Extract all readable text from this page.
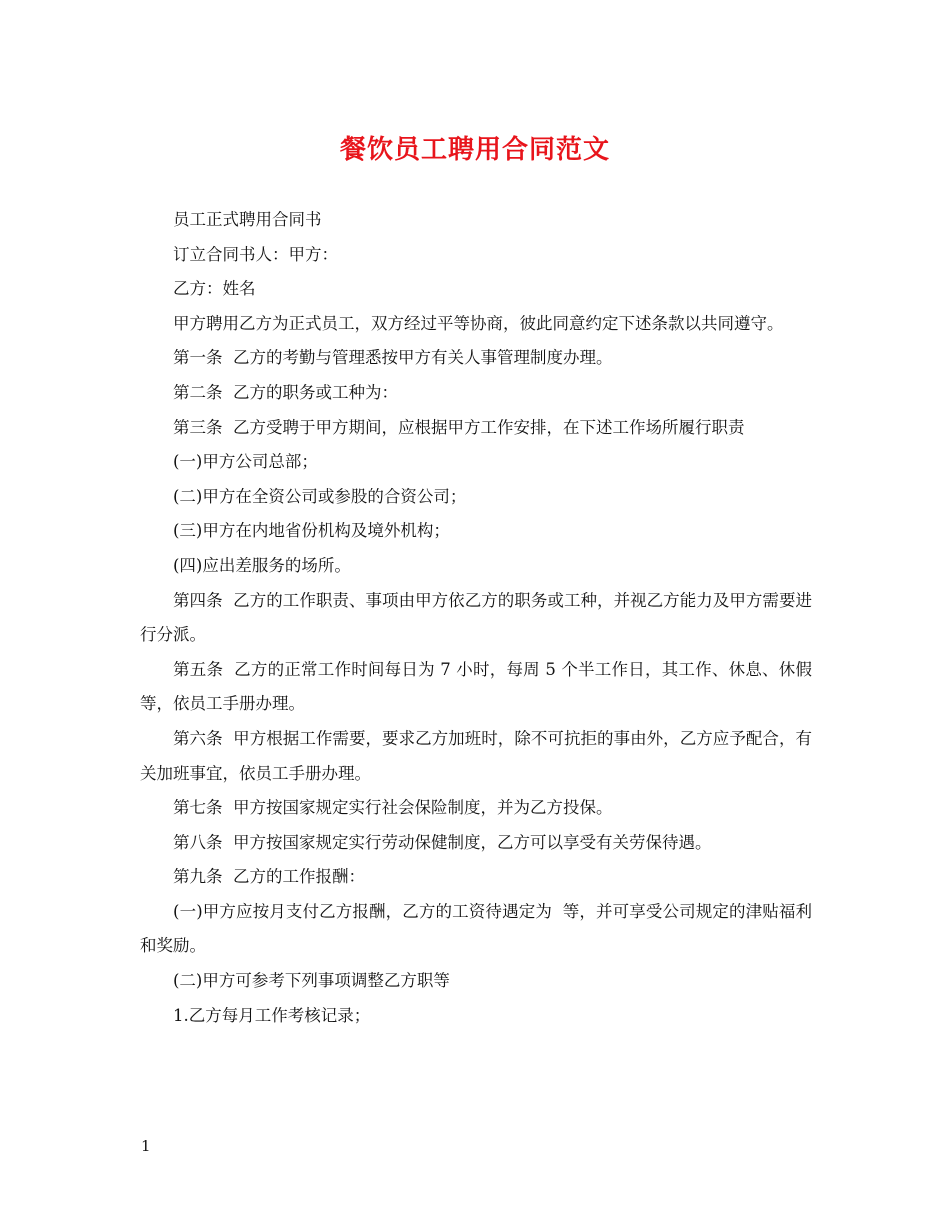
餐饮员工聘用合同范文

员工正式聘用合同书

订立合同书人：甲方：

乙方：姓名

甲方聘用乙方为正式员工，双方经过平等协商，彼此同意约定下述条款以共同遵守。

第一条  乙方的考勤与管理悉按甲方有关人事管理制度办理。

第二条  乙方的职务或工种为：

第三条  乙方受聘于甲方期间，应根据甲方工作安排，在下述工作场所履行职责

(一)甲方公司总部；

(二)甲方在全资公司或参股的合资公司；

(三)甲方在内地省份机构及境外机构；

(四)应出差服务的场所。

第四条  乙方的工作职责、事项由甲方依乙方的职务或工种，并视乙方能力及甲方需要进行分派。

第五条  乙方的正常工作时间每日为 7 小时，每周 5 个半工作日，其工作、休息、休假等，依员工手册办理。

第六条  甲方根据工作需要，要求乙方加班时，除不可抗拒的事由外，乙方应予配合，有关加班事宜，依员工手册办理。

第七条  甲方按国家规定实行社会保险制度，并为乙方投保。

第八条  甲方按国家规定实行劳动保健制度，乙方可以享受有关劳保待遇。

第九条  乙方的工作报酬：

(一)甲方应按月支付乙方报酬，乙方的工资待遇定为  等，并可享受公司规定的津贴福利和奖励。

(二)甲方可参考下列事项调整乙方职等

1.乙方每月工作考核记录；

1
